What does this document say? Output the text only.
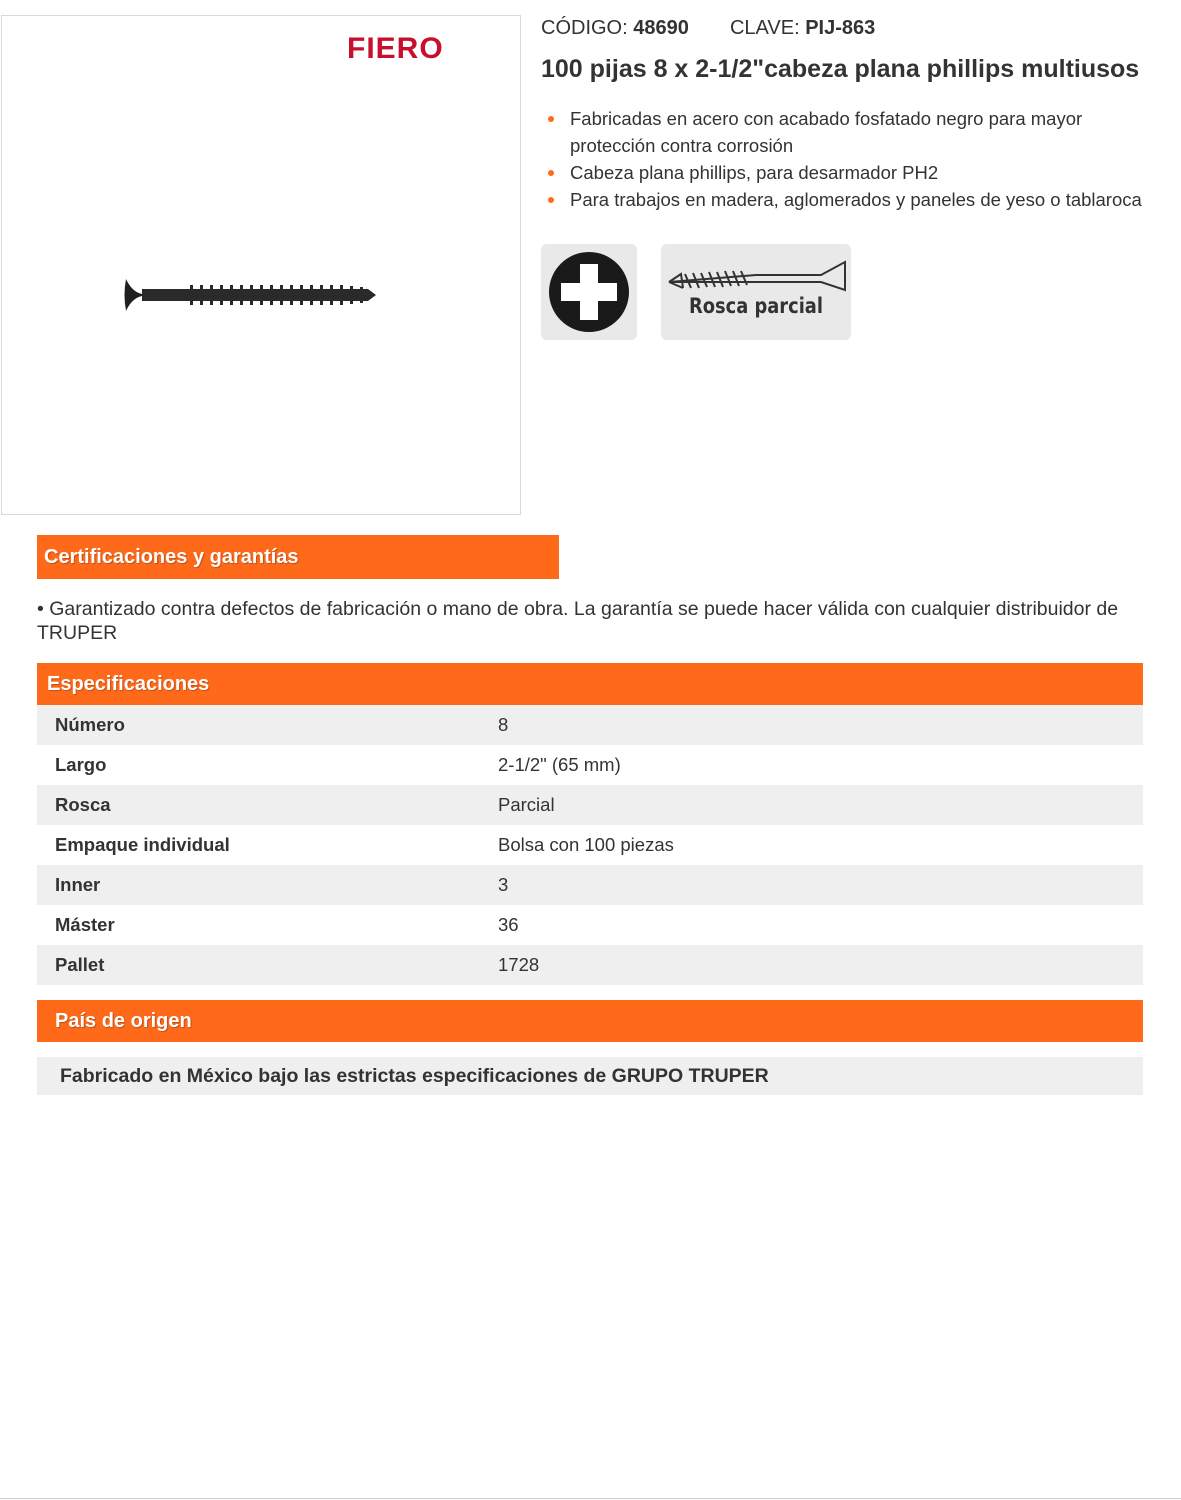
FIERO
CÓDIGO: 48690 CLAVE: PIJ-863
100 pijas 8 x 2-1/2"cabeza plana phillips multiusos
Fabricadas en acero con acabado fosfatado negro para mayor protección contra corrosión
Cabeza plana phillips, para desarmador PH2
Para trabajos en madera, aglomerados y paneles de yeso o tablaroca
Rosca parcial
Certificaciones y garantías
• Garantizado contra defectos de fabricación o mano de obra. La garantía se puede hacer válida con cualquier distribuidor de TRUPER
Especificaciones
Número	8
Largo	2-1/2" (65 mm)
Rosca	Parcial
Empaque individual	Bolsa con 100 piezas
Inner	3
Máster	36
Pallet	1728
País de origen
Fabricado en México bajo las estrictas especificaciones de GRUPO TRUPER
